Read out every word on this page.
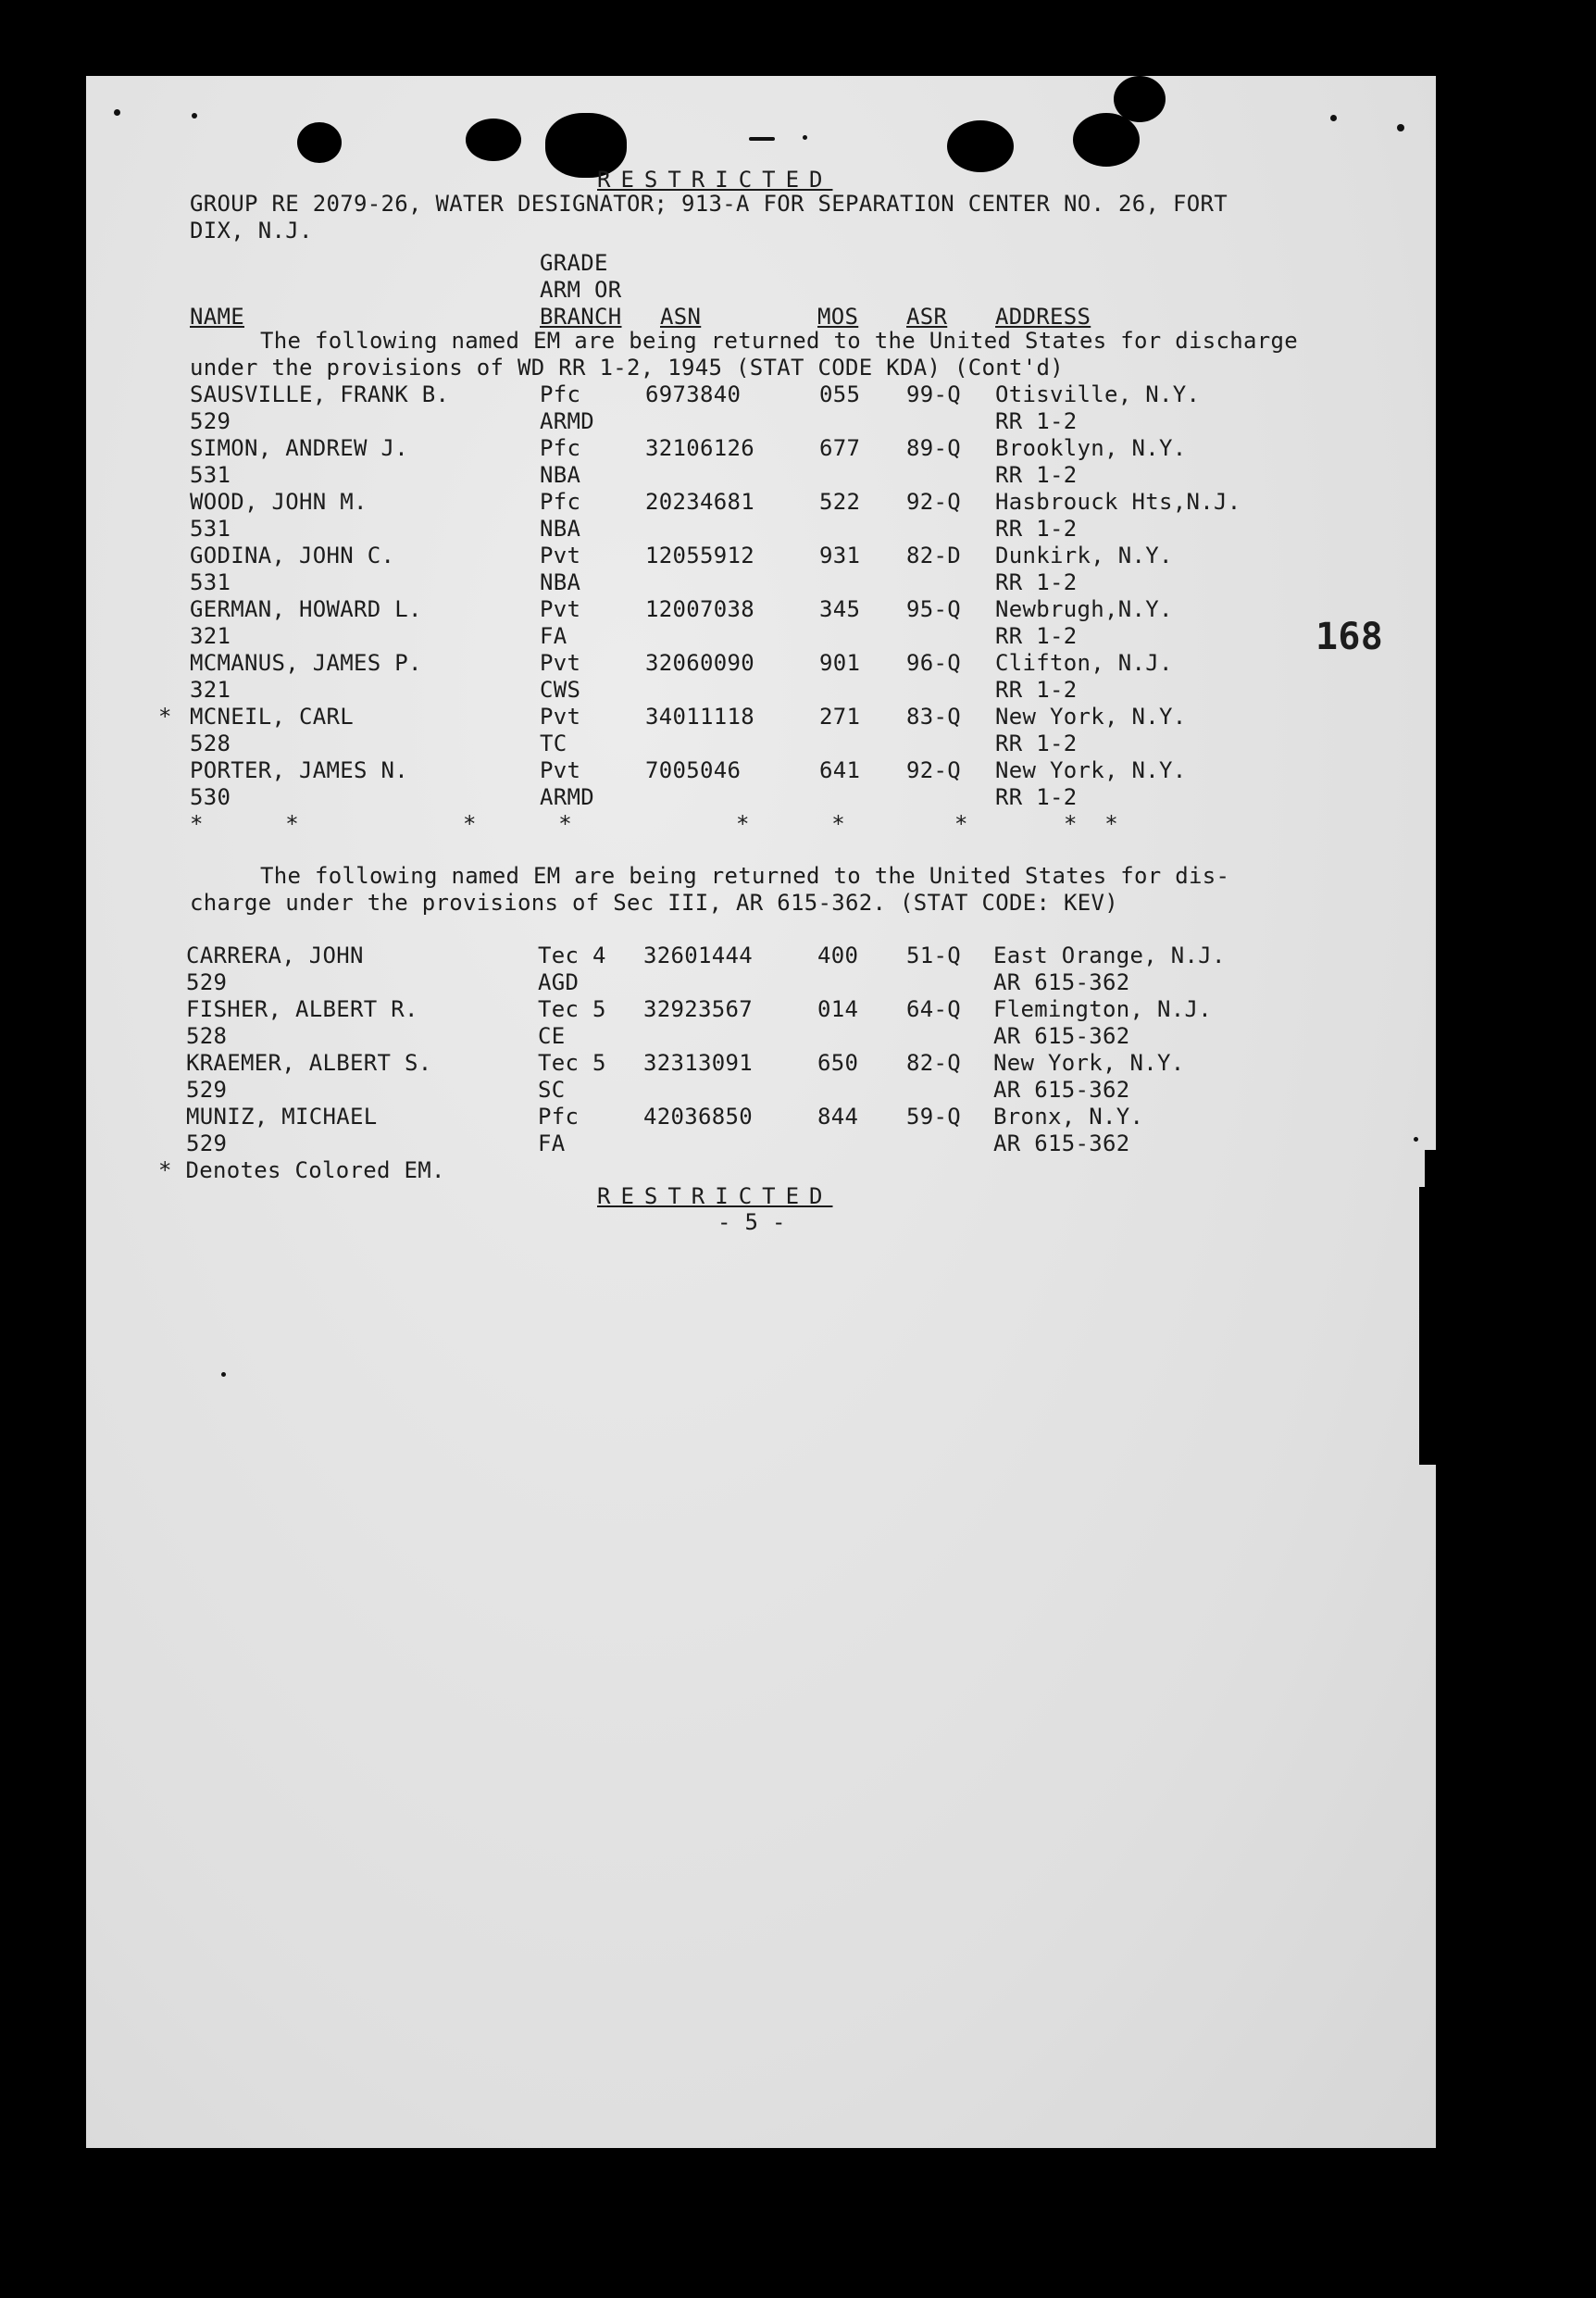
RESTRICTED
GROUP RE 2079-26, WATER DESIGNATOR; 913-A FOR SEPARATION CENTER NO. 26, FORT
DIX, N.J.
GRADE
ARM OR
BRANCH
NAME	ASN	MOS ASR ADDRESS
The following named EM are being returned to the United States for discharge
under the provisions of WD RR 1-2, 1945 (STAT CODE KDA) (Cont'd)
SAUSVILLE, FRANK B.	Pfc	6973840	055 99-Q Otisville, N.Y.
529	ARMD	RR 1-2
SIMON, ANDREW J.	Pfc	32106126	677 89-Q Brooklyn, N.Y.
531	NBA	RR 1-2
WOOD, JOHN M.	Pfc	20234681	522 92-Q Hasbrouck Hts,N.J.
531	NBA	RR 1-2
GODINA, JOHN C.	Pvt	12055912	931 82-D Dunkirk, N.Y.
531	NBA	RR 1-2
GERMAN, HOWARD L.	Pvt	12007038	345 95-Q Newbrugh,N.Y.
321	FA	RR 1-2
MCMANUS, JAMES P.	Pvt	32060090	901 96-Q Clifton, N.J.
321	CWS	RR 1-2
* MCNEIL, CARL	Pvt	34011118	271 83-Q New York, N.Y.
528	TC	RR 1-2
PORTER, JAMES N.	Pvt	7005046	641 92-Q New York, N.Y.
530	ARMD	RR 1-2
*      *            *      *            *      *        *       *  *
168
The following named EM are being returned to the United States for dis-
charge under the provisions of Sec III, AR 615-362. (STAT CODE: KEV)
CARRERA, JOHN	Tec 4 32601444	400 51-Q East Orange, N.J.
529	AGD	AR 615-362
FISHER, ALBERT R.	Tec 5 32923567	014 64-Q Flemington, N.J.
528	CE	AR 615-362
KRAEMER, ALBERT S.	Tec 5 32313091	650 82-Q New York, N.Y.
529	SC	AR 615-362
MUNIZ, MICHAEL	Pfc	42036850	844 59-Q Bronx, N.Y.
529	FA	AR 615-362
* Denotes Colored EM.
RESTRICTED
- 5 -
